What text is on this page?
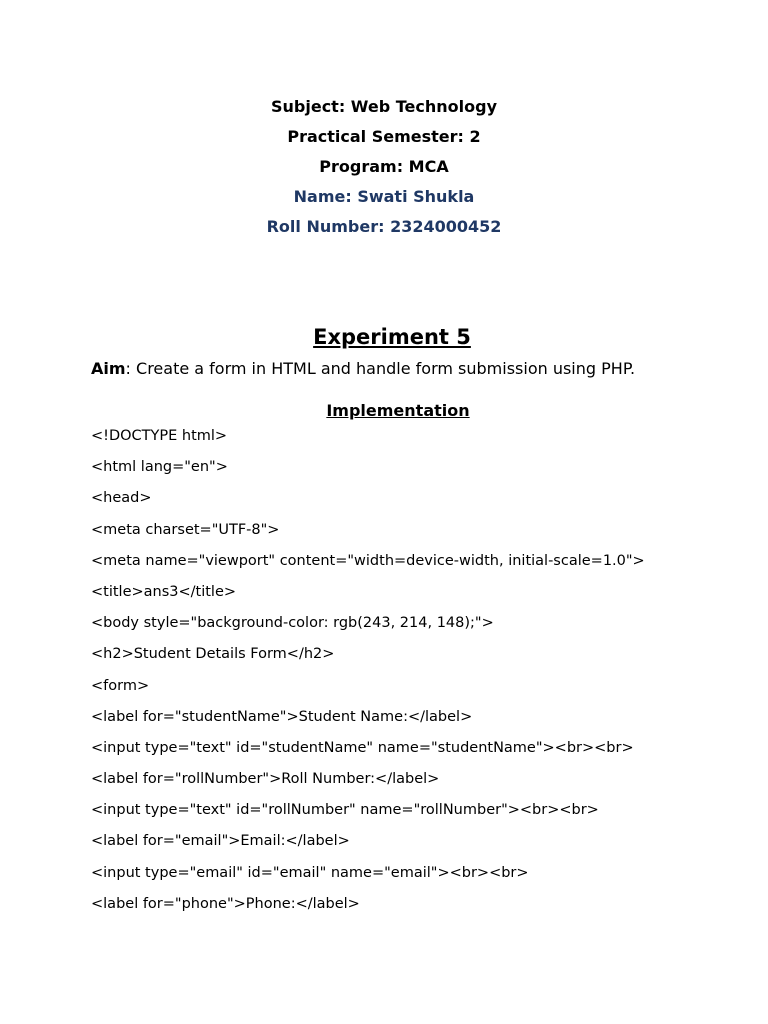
Subject: Web Technology
Practical Semester: 2
Program: MCA
Name: Swati Shukla
Roll Number: 2324000452
Experiment 5
Aim: Create a form in HTML and handle form submission using PHP.
Implementation
<!DOCTYPE html>
<html lang="en">
<head>
<meta charset="UTF-8">
<meta name="viewport" content="width=device-width, initial-scale=1.0">
<title>ans3</title>
<body style="background-color: rgb(243, 214, 148);">
<h2>Student Details Form</h2>
<form>
<label for="studentName">Student Name:</label>
<input type="text" id="studentName" name="studentName"><br><br>
<label for="rollNumber">Roll Number:</label>
<input type="text" id="rollNumber" name="rollNumber"><br><br>
<label for="email">Email:</label>
<input type="email" id="email" name="email"><br><br>
<label for="phone">Phone:</label>
